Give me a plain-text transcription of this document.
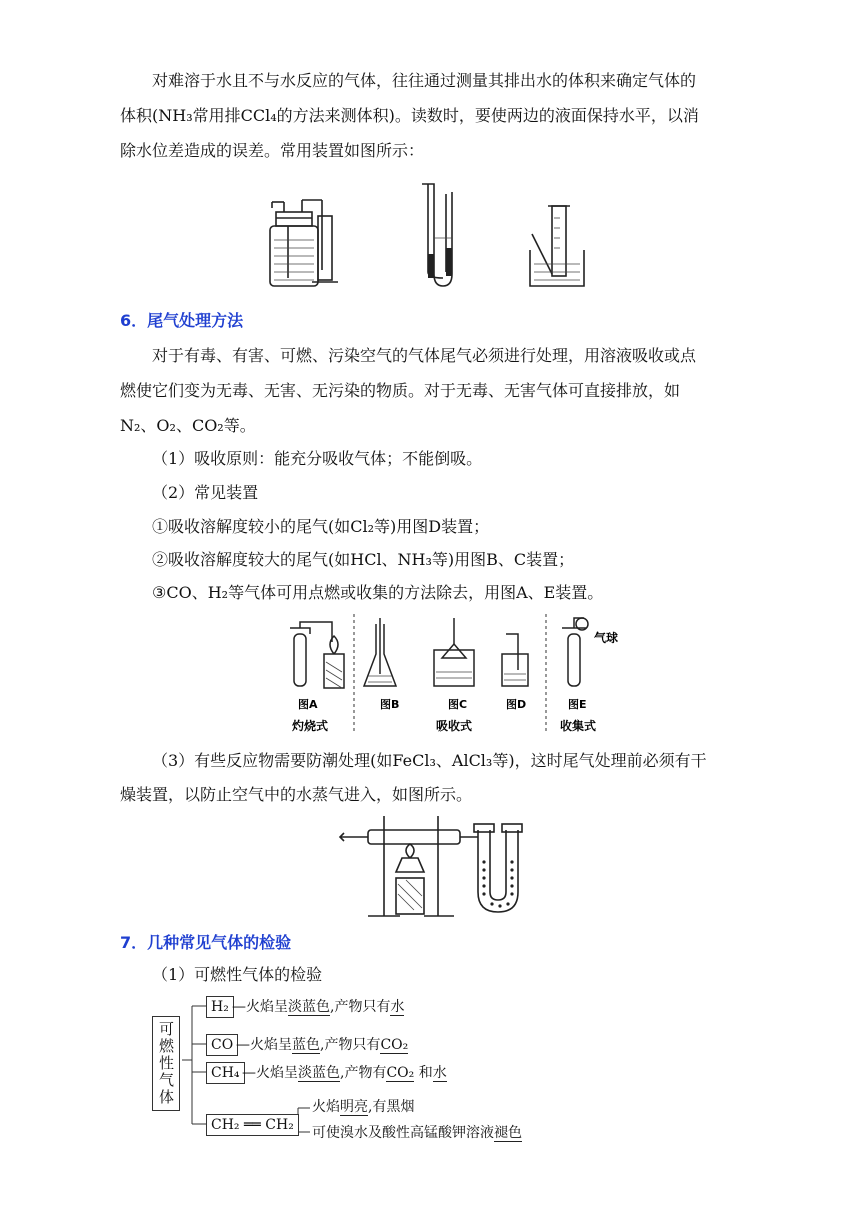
对难溶于水且不与水反应的气体，往往通过测量其排出水的体积来确定气体的
体积(NH₃常用排CCl₄的方法来测体积)。读数时，要使两边的液面保持水平，以消
除水位差造成的误差。常用装置如图所示：
6．尾气处理方法
对于有毒、有害、可燃、污染空气的气体尾气必须进行处理，用溶液吸收或点
燃使它们变为无毒、无害、无污染的物质。对于无毒、无害气体可直接排放，如
N₂、O₂、CO₂等。
（1）吸收原则：能充分吸收气体；不能倒吸。
（2）常见装置
①吸收溶解度较小的尾气(如Cl₂等)用图D装置；
②吸收溶解度较大的尾气(如HCl、NH₃等)用图B、C装置；
③CO、H₂等气体可用点燃或收集的方法除去，用图A、E装置。
气球
图A	图B	图C	图D	图E
灼烧式	吸收式	收集式
（3）有些反应物需要防潮处理(如FeCl₃、AlCl₃等)，这时尾气处理前必须有干
燥装置，以防止空气中的水蒸气进入，如图所示。
7．几种常见气体的检验
（1）可燃性气体的检验
可燃性气体
H₂ —火焰呈淡蓝色,产物只有水
CO —火焰呈蓝色,产物只有CO₂
CH₄ —火焰呈淡蓝色,产物有CO₂ 和水
CH₂ ══ CH₂
火焰明亮,有黑烟
可使溴水及酸性高锰酸钾溶液褪色
